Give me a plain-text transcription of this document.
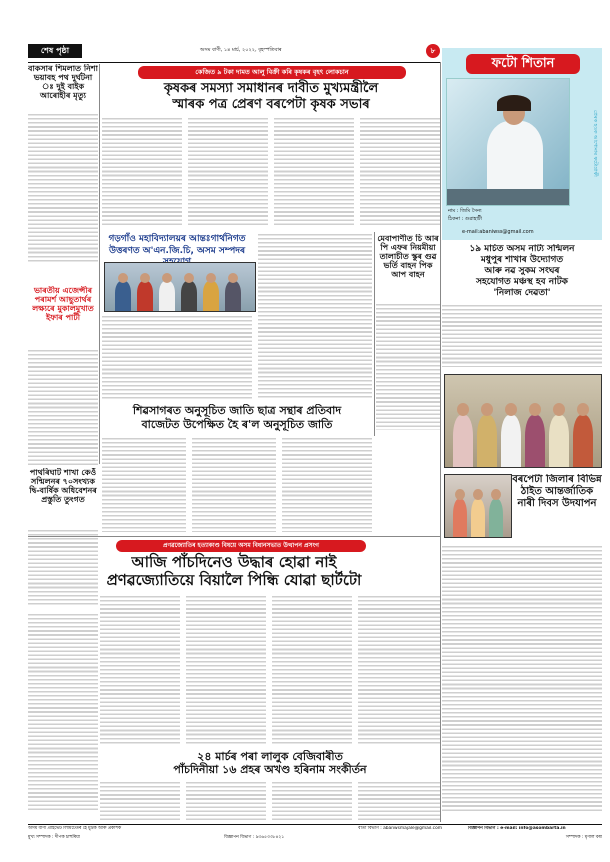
শেষ পৃষ্ঠা	অসম বাণী, ১৪ মাৰ্চ, ২০২২, বৃহস্পতিবাৰ	৮
ফটো শিতান
প্ৰেৰক হওক আপোনাৰ ফটোগ্ৰাফী
নাম : জিমি সৈন্য
ঠিকনা : গুৱাহাটী
e-mail:abaniwss@gmail.com
বাকসাৰ শিমলাত নিশা ভয়াবহ পথ দুৰ্ঘটনা ঃ দুই বাইক আৰোহীৰ মৃত্যু
ভাৰতীয় এজেন্সীৰ পৰামৰ্শ আছুতাৰ্থৰ লক্ষ্যৰে মুকালমুখাত ইফাৰ পাটী
কেজিত ৯ টকা দামত আলু বিক্ৰী কৰি কৃষকৰ বৃহৎ লোকচান
কৃষকৰ সমস্যা সমাধানৰ দাবীত মুখ্যমন্ত্ৰীলৈ
স্মাৰক পত্ৰ প্ৰেৰণ বৰপেটা কৃষক সভাৰ
মেবাপাণীত চি আৰ পি এফৰ নিয়মীয়া তালাচীত স্কুৰ গুৱ ভৰ্তি বাহন পিক আপ বাহন
গড়গাঁও মহাবিদ্যালয়ৰ আন্তঃগাৰ্থনিগত
উত্তৰণত অ'এন.জি.চি, অসম সম্পদৰ
শিৱসাগৰত অনুসূচিত জাতি ছাত্ৰ সন্থাৰ প্ৰতিবাদ
বাজেটত উপেক্ষিত হৈ ৰ'ল অনুসূচিত জাতি
১৯ মাৰ্চত অসম নাট্য সন্মিলন
মধুপুৰ শাখাৰ উদ্যোগত
আৰু নৱ সুকম সংঘৰ
সহযোগত মঞ্চস্থ হব নাটক
'নিলাজ দেৱতা'
বৰপেটা জিলাৰ বিভিন্ন ঠাইত আন্তৰ্জাতিক নাৰী দিবস উদযাপন
পাথৰিঘাট শাখা কেওঁ সন্মিলনৰ ৭০সংখ্যক দ্বি-বাৰ্ষিক অধিবেশনৰ প্ৰস্তুতি তুংগত
প্ৰণৱজ্যোতিৰ হত্যাকাণ্ড বিষয়ে অসম বিধানসভাত উত্থাপন প্ৰসংগ
আজি পাঁচদিনেও উদ্ধাৰ হোৱা নাই
প্ৰণৱজ্যোতিয়ে বিয়ালৈ পিন্ধি যোৱা ছাৰ্টটো
২৪ মাৰ্চৰ পৰা লালুক বেজিবাৰীত
পাঁচদিনীয়া ১৬ প্ৰহৰ অখণ্ড হৰিনাম সংকীৰ্তন
অসম বাণী প্ৰাইভেট লিমিটেডৰ হৈ মুদ্ৰক আৰু প্ৰকাশক
মুখ্য সম্পাদক : দীপক চাহুৰিয়া	বিজ্ঞাপন বিভাগ : ৯৩৬৫৩৩৮৪২১
বাৰ্তা বিভাগ : abanwsmajale@gmail.com	বিজ্ঞাপন বিভাগ : e-mail: info@asombarta.in
সম্পাদক : মৃণাল বৰা
